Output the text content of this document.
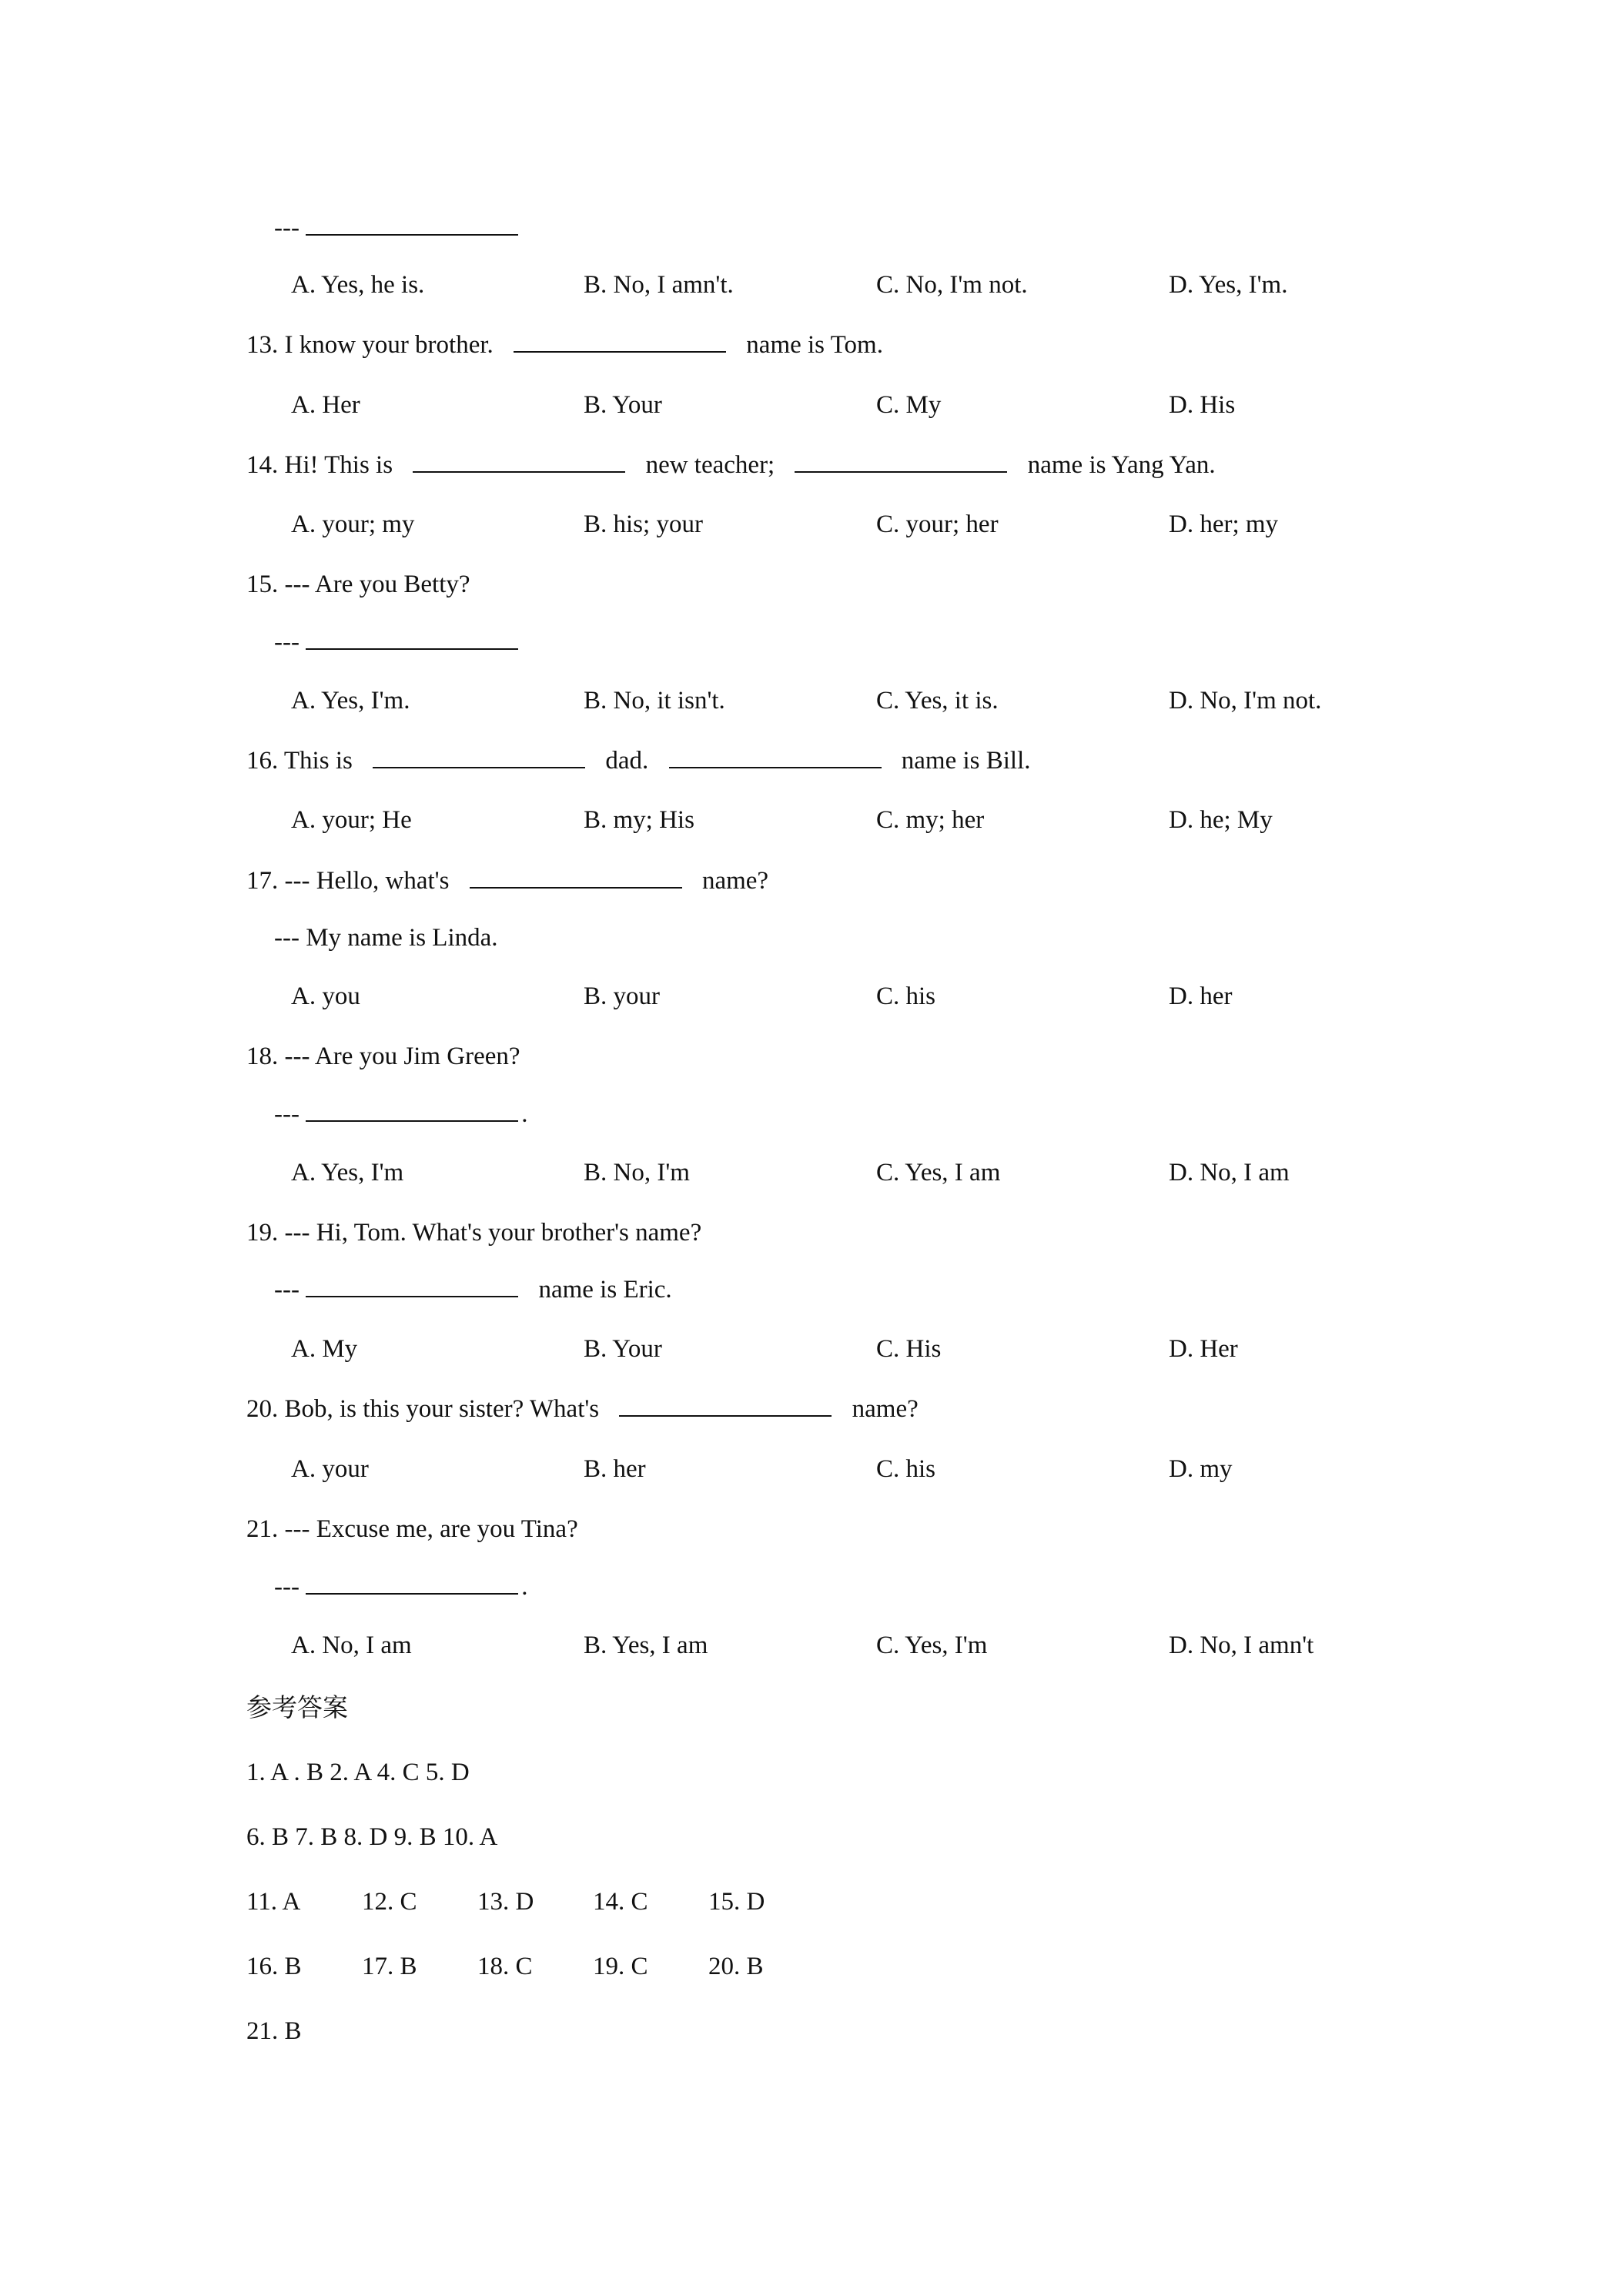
---
A. Yes, he is.	B. No, I amn't.	C. No, I'm not.	D. Yes, I'm.
13. I know your brother.	name is Tom.
A. Her	B. Your	C. My	D. His
14. Hi! This is	new teacher;	name is Yang Yan.
A. your; my	B. his; your	C. your; her	D. her; my
15. --- Are you Betty?
---
A. Yes, I'm.	B. No, it isn't.	C. Yes, it is.	D. No, I'm not.
16. This is	dad.	name is Bill.
A. your; He	B. my; His	C. my; her	D. he; My
17. --- Hello, what's	name?
--- My name is Linda.
A. you	B. your	C. his	D. her
18. --- Are you Jim Green?
---	.
A. Yes, I'm	B. No, I'm	C. Yes, I am	D. No, I am
19. --- Hi, Tom. What's your brother's name?
---	name is Eric.
A. My	B. Your	C. His	D. Her
20. Bob, is this your sister? What's	name?
A. your	B. her	C. his	D. my
21. --- Excuse me, are you Tina?
---	.
A. No, I am	B. Yes, I am	C. Yes, I'm	D. No, I amn't
参考答案
1. A . B 2. A 4. C 5. D
6. B 7. B 8. D 9. B 10. A
11. A 12. C 13. D 14. C 15. D
16. B 17. B 18. C 19. C 20. B
21. B
